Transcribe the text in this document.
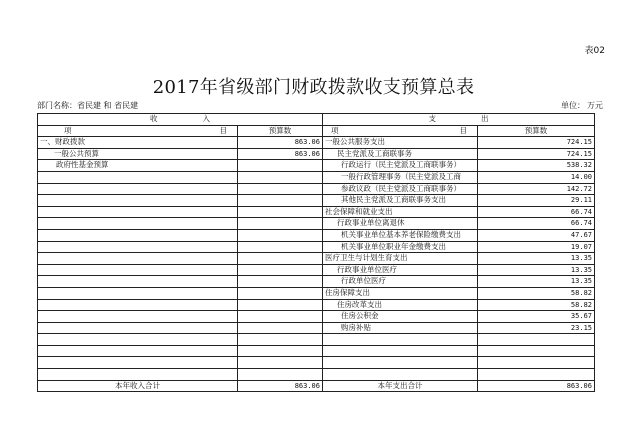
表02
2017年省级部门财政拨款收支预算总表
部门名称：省民建 和 省民建	单位： 万元
收　　　　　　入		支　　　　　　出	
项 目	预算数	项 目	预算数
一、财政拨款	863.06	一般公共服务支出	724.15
一般公共预算	863.06	民主党派及工商联事务	724.15
政府性基金预算		行政运行（民主党派及工商联事务）	538.32
		一般行政管理事务（民主党派及工商	14.00
		参政议政（民主党派及工商联事务）	142.72
		其他民主党派及工商联事务支出	29.11
		社会保障和就业支出	66.74
		行政事业单位离退休	66.74
		机关事业单位基本养老保险缴费支出	47.67
		机关事业单位职业年金缴费支出	19.07
		医疗卫生与计划生育支出	13.35
		行政事业单位医疗	13.35
		行政单位医疗	13.35
		住房保障支出	58.82
		住房改革支出	58.82
		住房公积金	35.67
		购房补贴	23.15

本年收入合计	863.06	本年支出合计	863.06
